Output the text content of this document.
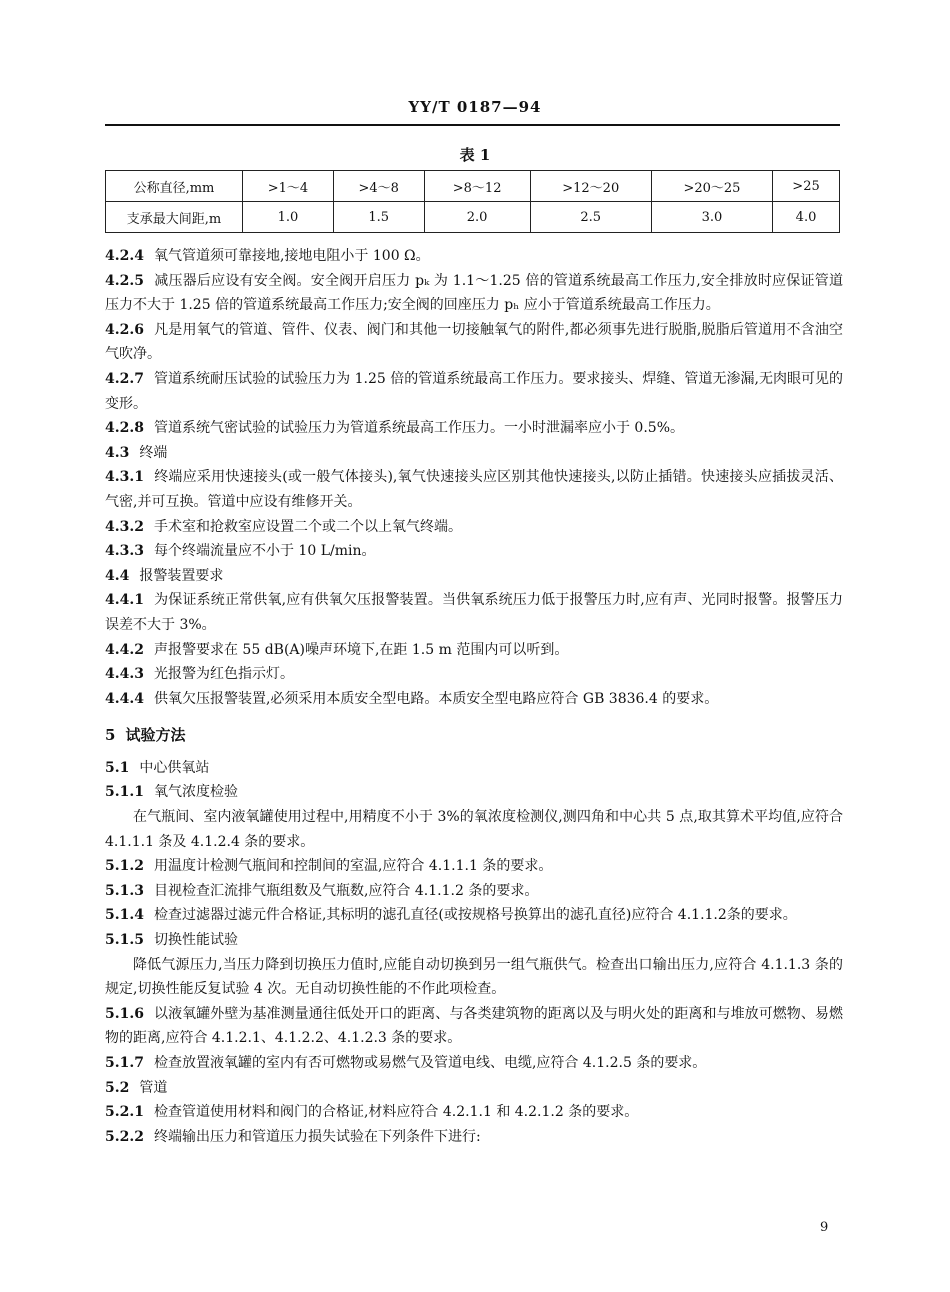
YY/T 0187—94
表 1
公称直径,mm	>1～4	>4～8	>8～12	>12～20	>20～25	>25
支承最大间距,m	1.0	1.5	2.0	2.5	3.0	4.0

4.2.4 氧气管道须可靠接地,接地电阻小于 100 Ω。

4.2.5 减压器后应设有安全阀。安全阀开启压力 pₖ 为 1.1～1.25 倍的管道系统最高工作压力,安全排放时应保证管道压力不大于 1.25 倍的管道系统最高工作压力;安全阀的回座压力 pₕ 应小于管道系统最高工作压力。

4.2.6 凡是用氧气的管道、管件、仪表、阀门和其他一切接触氧气的附件,都必须事先进行脱脂,脱脂后管道用不含油空气吹净。

4.2.7 管道系统耐压试验的试验压力为 1.25 倍的管道系统最高工作压力。要求接头、焊缝、管道无渗漏,无肉眼可见的变形。

4.2.8 管道系统气密试验的试验压力为管道系统最高工作压力。一小时泄漏率应小于 0.5%。

4.3 终端

4.3.1 终端应采用快速接头(或一般气体接头),氧气快速接头应区别其他快速接头,以防止插错。快速接头应插拔灵活、气密,并可互换。管道中应设有维修开关。

4.3.2 手术室和抢救室应设置二个或二个以上氧气终端。

4.3.3 每个终端流量应不小于 10 L/min。

4.4 报警装置要求

4.4.1 为保证系统正常供氧,应有供氧欠压报警装置。当供氧系统压力低于报警压力时,应有声、光同时报警。报警压力误差不大于 3%。

4.4.2 声报警要求在 55 dB(A)噪声环境下,在距 1.5 m 范围内可以听到。

4.4.3 光报警为红色指示灯。

4.4.4 供氧欠压报警装置,必须采用本质安全型电路。本质安全型电路应符合 GB 3836.4 的要求。

5 试验方法

5.1 中心供氧站

5.1.1 氧气浓度检验

在气瓶间、室内液氧罐使用过程中,用精度不小于 3%的氧浓度检测仪,测四角和中心共 5 点,取其算术平均值,应符合 4.1.1.1 条及 4.1.2.4 条的要求。

5.1.2 用温度计检测气瓶间和控制间的室温,应符合 4.1.1.1 条的要求。

5.1.3 目视检查汇流排气瓶组数及气瓶数,应符合 4.1.1.2 条的要求。

5.1.4 检查过滤器过滤元件合格证,其标明的滤孔直径(或按规格号换算出的滤孔直径)应符合 4.1.1.2条的要求。

5.1.5 切换性能试验

降低气源压力,当压力降到切换压力值时,应能自动切换到另一组气瓶供气。检查出口输出压力,应符合 4.1.1.3 条的规定,切换性能反复试验 4 次。无自动切换性能的不作此项检查。

5.1.6 以液氧罐外壁为基准测量通往低处开口的距离、与各类建筑物的距离以及与明火处的距离和与堆放可燃物、易燃物的距离,应符合 4.1.2.1、4.1.2.2、4.1.2.3 条的要求。

5.1.7 检查放置液氧罐的室内有否可燃物或易燃气及管道电线、电缆,应符合 4.1.2.5 条的要求。

5.2 管道

5.2.1 检查管道使用材料和阀门的合格证,材料应符合 4.2.1.1 和 4.2.1.2 条的要求。

5.2.2 终端输出压力和管道压力损失试验在下列条件下进行:

9
